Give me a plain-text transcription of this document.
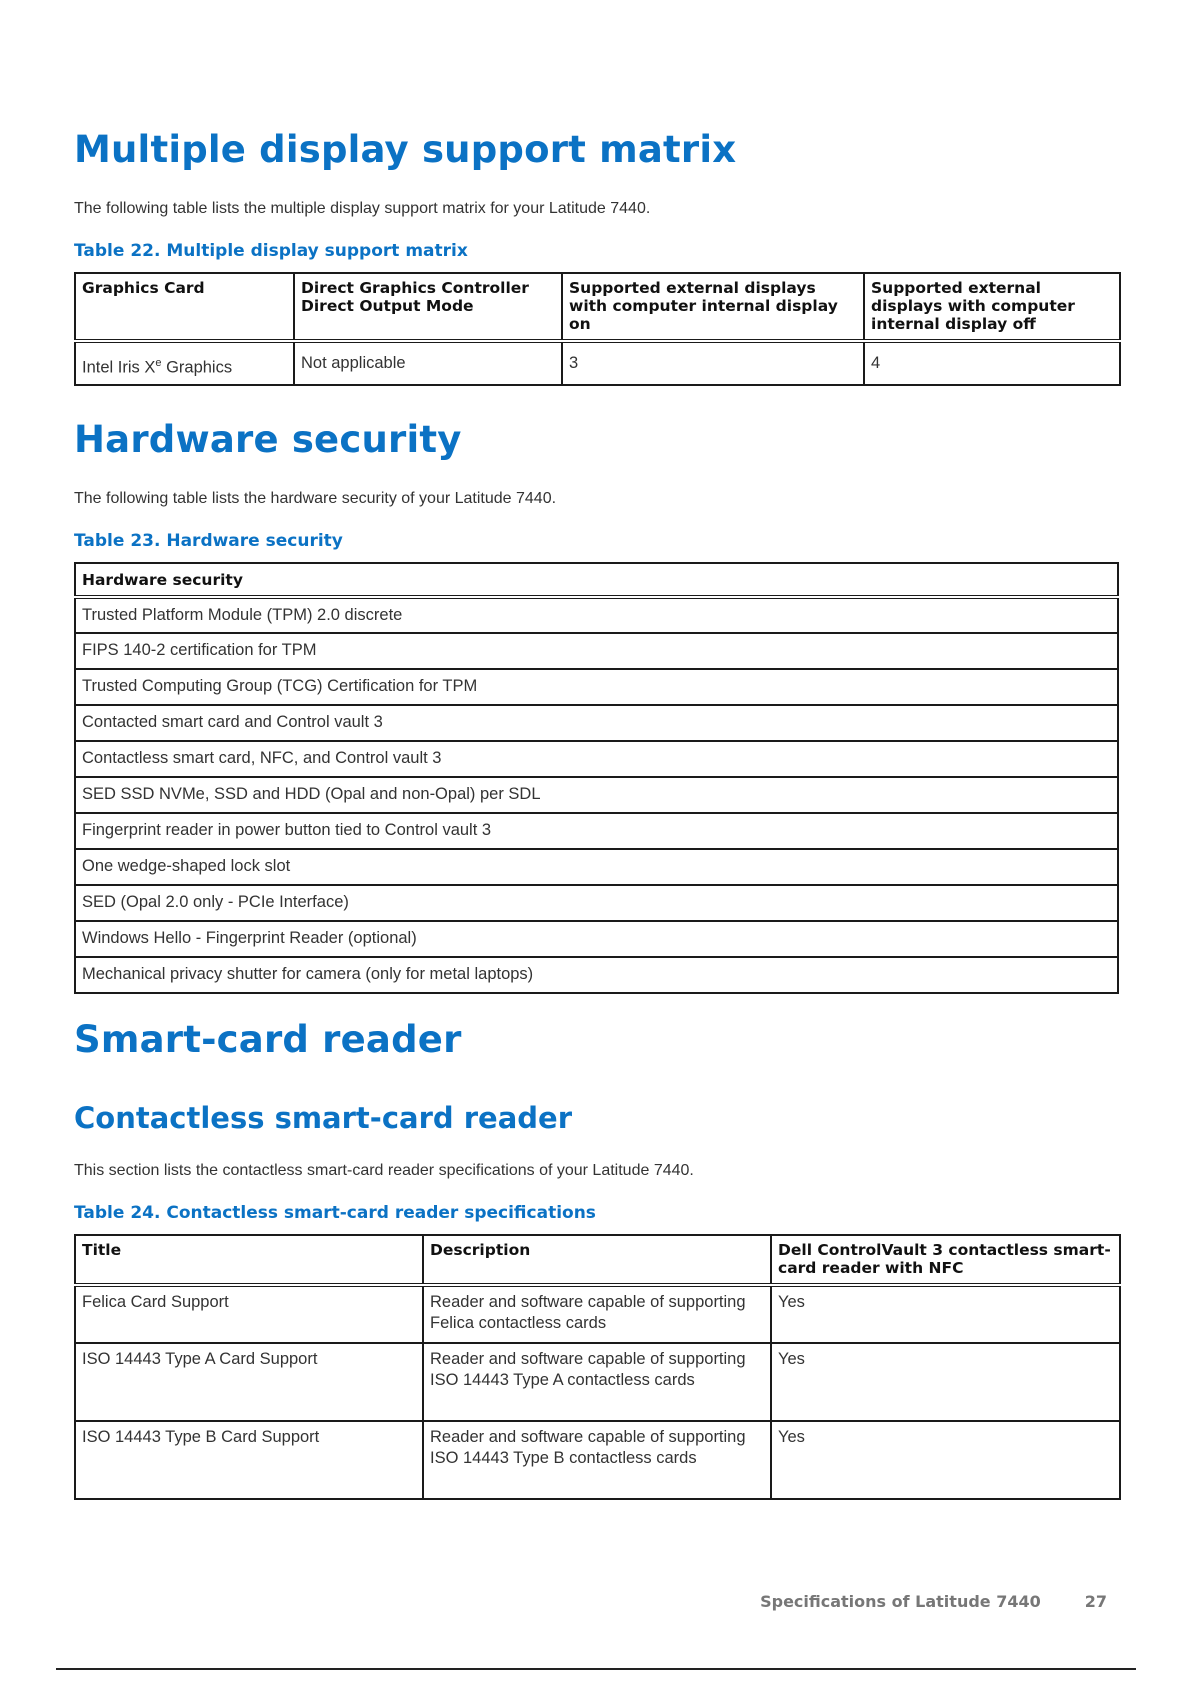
Multiple display support matrix

The following table lists the multiple display support matrix for your Latitude 7440.

Table 22. Multiple display support matrix

Graphics Card	Direct Graphics Controller Direct Output Mode	Supported external displays with computer internal display on	Supported external displays with computer internal display off
Intel Iris Xe Graphics	Not applicable	3	4
Hardware security

The following table lists the hardware security of your Latitude 7440.

Table 23. Hardware security

Hardware security
Trusted Platform Module (TPM) 2.0 discrete
FIPS 140-2 certification for TPM
Trusted Computing Group (TCG) Certification for TPM
Contacted smart card and Control vault 3
Contactless smart card, NFC, and Control vault 3
SED SSD NVMe, SSD and HDD (Opal and non-Opal) per SDL
Fingerprint reader in power button tied to Control vault 3
One wedge-shaped lock slot
SED (Opal 2.0 only - PCIe Interface)
Windows Hello - Fingerprint Reader (optional)
Mechanical privacy shutter for camera (only for metal laptops)
Smart-card reader
Contactless smart-card reader

This section lists the contactless smart-card reader specifications of your Latitude 7440.

Table 24. Contactless smart-card reader specifications

Title	Description	Dell ControlVault 3 contactless smart-card reader with NFC
Felica Card Support	Reader and software capable of supporting Felica contactless cards	Yes
ISO 14443 Type A Card Support	Reader and software capable of supporting ISO 14443 Type A contactless cards	Yes
ISO 14443 Type B Card Support	Reader and software capable of supporting ISO 14443 Type B contactless cards	Yes
Specifications of Latitude 7440	27
